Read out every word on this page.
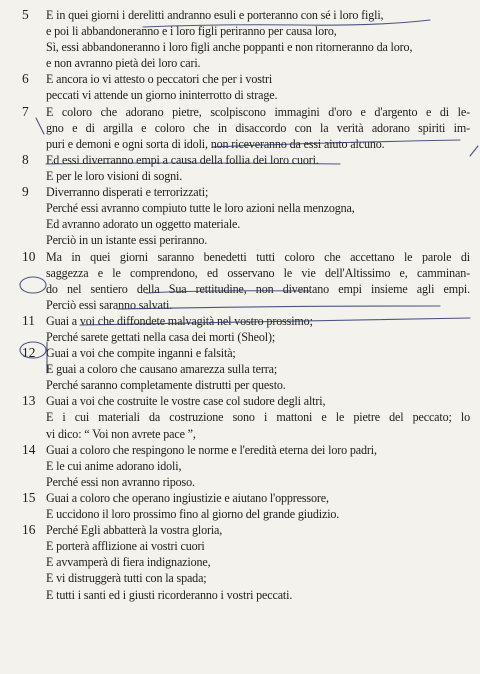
5 E in quei giorni i derelitti andranno esuli e porteranno con sé i loro figli,
e poi li abbandoneranno e i loro figli periranno per causa loro,
Sì, essi abbandoneranno i loro figli anche poppanti e non ritorneranno da loro,
e non avranno pietà dei loro cari.
6 E ancora io vi attesto o peccatori che per i vostri
peccati vi attende un giorno ininterrotto di strage.
7 E coloro che adorano pietre, scolpiscono immagini d'oro e d'argento e di le-
gno e di argilla e coloro che in disaccordo con la verità adorano spiriti im-
puri e demoni e ogni sorta di idoli, non riceveranno da essi aiuto alcuno.
8 Ed essi diverranno empi a causa della follia dei loro cuori.
E per le loro visioni di sogni.
9 Diverranno disperati e terrorizzati;
Perché essi avranno compiuto tutte le loro azioni nella menzogna,
Ed avranno adorato un oggetto materiale.
Perciò in un istante essi periranno.
10 Ma in quei giorni saranno benedetti tutti coloro che accettano le parole di
saggezza e le comprendono, ed osservano le vie dell'Altissimo e, camminan-
do nel sentiero della Sua rettitudine, non diventano empi insieme agli empi.
Perciò essi saranno salvati.
11 Guai a voi che diffondete malvagità nel vostro prossimo;
Perché sarete gettati nella casa dei morti (Sheol);
12 Guai a voi che compite inganni e falsità;
E guai a coloro che causano amarezza sulla terra;
Perché saranno completamente distrutti per questo.
13 Guai a voi che costruite le vostre case col sudore degli altri,
E i cui materiali da costruzione sono i mattoni e le pietre del peccato; lo
vi dico: “ Voi non avrete pace ”,
14 Guai a coloro che respingono le norme e l'eredità eterna dei loro padri,
E le cui anime adorano idoli,
Perché essi non avranno riposo.
15 Guai a coloro che operano ingiustizie e aiutano l'oppressore,
E uccidono il loro prossimo fino al giorno del grande giudizio.
16 Perché Egli abbatterà la vostra gloria,
E porterà afflizione ai vostri cuori
E avvamperà di fiera indignazione,
E vi distruggerà tutti con la spada;
E tutti i santi ed i giusti ricorderanno i vostri peccati.
